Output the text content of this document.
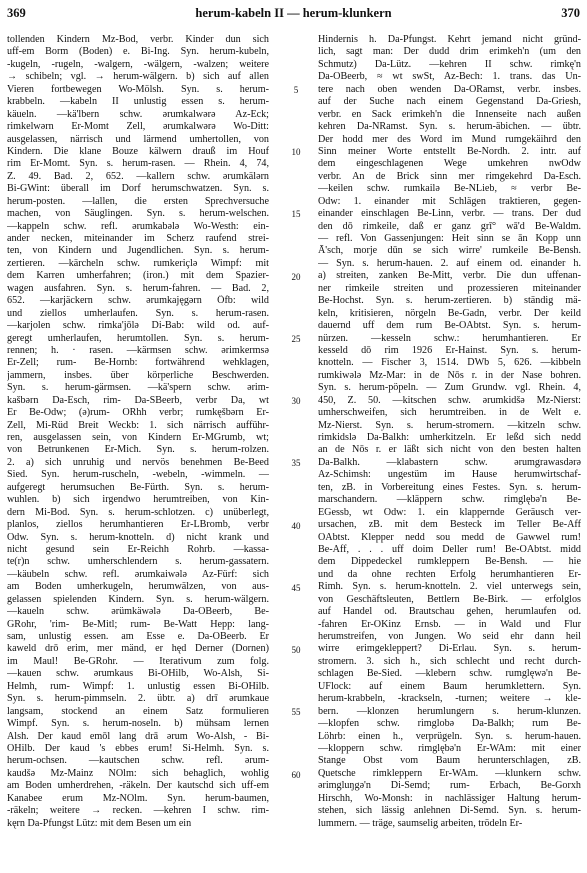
369	herum-kabeln II — herum-klunkern	370
tollenden Kindern Mz-Bod, verbr. Kinder dun sich
uff-em Borm (Boden) e. Bi-Ing. Syn. herum-kubeln,
-kugeln, -rugeln, -walgern, -wälgern, -walzen; weitere
→ schibeln; vgl. → herum-wälgern. b) sich auf allen
Vieren fortbewegen Wo-Mölsh. Syn. s. herum-
krabbeln. —kabeln II unlustig essen s. herum-
käueln. —kä'lbern schw. ərumkalwərə Az-Eck;
rimkelwərn Er-Momt Zell, ərumkalwərə Wo-Ditt:
ausgelassen, närrisch und lärmend umhertollen, von
Kindern. Die klane Bouze kälwern drauß im Houf
rim Er-Momt. Syn. s. herum-rasen. — Rhein. 4, 74,
Z. 49. Bad. 2, 652. —kallern schw. ərumkälərn
Bi-GWint: überall im Dorf herumschwatzen. Syn. s.
herum-posten. —lallen, die ersten Sprechversuche
machen, von Säuglingen. Syn. s. herum-welschen.
—kappeln schw. refl. ərumkabələ Wo-Westh: ein-
ander necken, miteinander im Scherz raufend strei-
ten, von Kindern und Jugendlichen. Syn. s. herum-
zertieren. —kärcheln schw. rumkeriçlə Wimpf: mit
dem Karren umherfahren; (iron.) mit dem Spazier-
wagen ausfahren. Syn. s. herum-fahren. — Bad. 2,
652. —karjäckern schw. ərumkajęgərn Öfb: wild
und ziellos umherlaufen. Syn. s. herum-rasen.
—karjolen schw. rimka'jōlə Di-Bab: wild od. auf-
geregt umherlaufen, herumtollen. Syn. s. herum-
rennen; h. · rasen. —kärmsen schw. ərimkermsə
Er-Zell; rum- Be-Hornb: fortwährend wehklagen,
jammern, insbes. über körperliche Beschwerden.
Syn. s. herum-gärmsen. —kä'spern schw. ərim-
kašbərn Da-Esch, rim- Da-SBeerb, verbr Da, wt
Er Be-Odw; (ə)rum- ORhh verbr; rumkęšbərn Er-
Zell, Mi-Rüd Breit Weckb: 1. sich närrisch aufführ-
ren, ausgelassen sein, von Kindern Er-MGrumb, wt;
von Betrunkenen Er-Mich. Syn. s. herum-rolzen.
2. a) sich unruhig und nervös benehmen Be-Beed
Sied. Syn. herum-ruscheln, -webeln, -wimmeln. —
aufgeregt herumsuchen Be-Fürth. Syn. s. herum-
wuhlen. b) sich irgendwo herumtreiben, von Kin-
dern Mi-Bod. Syn. s. herum-schlotzen. c) unüberlegt,
planlos, ziellos herumhantieren Er-LBromb, verbr
Odw. Syn. s. herum-knotteln. d) nicht krank und
nicht gesund sein Er-Reichh Rohrb. —kassa-
te(r)n schw. umherschlendern s. herum-gassatern.
—käubeln schw. refl. ərumkaiwələ Az-Fürf: sich
am Boden umherkugeln, herumwälzen, von aus-
gelassen spielenden Kindern. Syn. s. herum-wälgern.
—kaueln schw. ərümkäwələ Da-OBeerb, Be-
GRohr, 'rim- Be-Mitl; rum- Be-Watt Hepp: lang-
sam, unlustig essen. am Esse e. Da-OBeerb. Er
kaweld drō erim, mer mänd, er hęd Derner (Dornen)
im Maul! Be-GRohr. — Iterativum zum folg.
—kauen schw. ərumkaus Bi-OHilb, Wo-Alsh, Si-
Helmh, rum- Wimpf: 1. unlustig essen Bi-OHilb.
Syn. s. herum-pimmseln. 2. übtr. a) drī ərumkaue
langsam, stockend an einem Satz formulieren
Wimpf. Syn. s. herum-noseln. b) mühsam lernen
Alsh. Der kaud emōl lang drā ərum Wo-Alsh, - Bi-
OHilb. Der kaud 's ebbes erum! Si-Helmh. Syn. s.
herum-ochsen. —kautschen schw. refl. ərum-
kaudšə Mz-Mainz NOlm: sich behaglich, wohlig
am Boden umherdrehen, -räkeln. Der kautschd sich uff-em
Kanabee erum Mz-NOlm. Syn. herum-baumen,
-räkeln; weitere → recken. —kehren I schw. rim-
kęrn Da-Pfungst Lütz: mit dem Besen um ein
5
10
15
20
25
30
35
40
45
50
55
60
Hindernis h. Da-Pfungst. Kehrt jemand nicht gründ-
lich, sagt man: Der dudd drim erimkeh'n (um den
Schmutz) Da-Lütz. —kehren II schw. rimkę'n
Da-OBeerb, ≈ wt swSt, Az-Bech: 1. trans. das Un-
tere nach oben wenden Da-ORamst, verbr. insbes.
auf der Suche nach einem Gegenstand Da-Griesh,
verbr. en Sack erimkeh'n die Innenseite nach außen
kehren Da-NRamst. Syn. s. herum-äbichen. — übtr.
Der hodd mer des Word im Mund rumgekäihrd den
Sinn meiner Worte entstellt Be-Nordh. 2. intr. auf
dem eingeschlagenen Wege umkehren nwOdw
verbr. An de Brick sinn mer rimgekehrd Da-Esch.
—keilen schw. rumkailə Be-NLieb, ≈ verbr Be-
Odw: 1. einander mit Schlägen traktieren, gegen-
einander einschlagen Be-Linn, verbr. — trans. Der dud
den dō rimkeile, daß er ganz grī° wā'd Be-Waldm.
— refl. Von Gassenjungen: Heit sinn se ān Kopp unn
Ā'sch, morje dūn se sich wirre' rumkeile Be-Bensh.
— Syn. s. herum-hauen. 2. auf einem od. einander h.
a) streiten, zanken Be-Mitt, verbr. Die dun uffenan-
ner rimkeile streiten und prozessieren miteinander
Be-Hochst. Syn. s. herum-zertieren. b) ständig mä-
keln, kritisieren, nörgeln Be-Gadn, verbr. Der keild
dauernd uff dem rum Be-OAbtst. Syn. s. herum-
nürzen. —kesseln schw.: herumhantieren. Er
kesseld dō rim 1926 Er-Hainst. Syn. s. herum-
knotteln. — Fischer 3, 1514. DWb 5, 626. —kibbeln
rumkiwələ Mz-Mar: in de Nōs r. in der Nase bohren.
Syn. s. herum-pöpeln. — Zum Grundw. vgl. Rhein. 4,
450, Z. 50. —kitschen schw. ərumkidšə Mz-Nierst:
umherschweifen, sich herumtreiben. in de Welt e.
Mz-Nierst. Syn. s. herum-stromern. —kitzeln schw.
rimkidslə Da-Balkh: umherkitzeln. Er leßd sich nedd
an de Nōs r. er läßt sich nicht von den besten halten
Da-Balkh. —klabastern schw. ərumgrawasdərə
Az-Schimsh: ungestüm im Hause herumwirtschaf-
ten, zB. in Vorbereitung eines Festes. Syn. s. herum-
marschandern. —kläppern schw. rimglębə'n Be-
EGessb, wt Odw: 1. ein klappernde Geräusch ver-
ursachen, zB. mit dem Besteck im Teller Be-Aff
OAbtst. Klepper nedd sou medd de Gawwel rum!
Be-Aff, . . . uff doim Deller rum! Be-OAbtst. midd
dem Dippedeckel rumkleppern Be-Bensh. — hie
und da ohne rechten Erfolg herumhantieren Er-
Rimh. Syn. s. herum-knotteln. 2. viel unterwegs sein,
von Geschäftsleuten, Bettlern Be-Birk. — erfolglos
auf Handel od. Brautschau gehen, herumlaufen od.
-fahren Er-OKinz Ernsb. — in Wald und Flur
herumstreifen, von Jungen. Wo seid ehr dann heil
wirre erimgekleppert? Di-Erlau. Syn. s. herum-
stromern. 3. sich h., sich schlecht und recht durch-
schlagen Be-Sied. —klebern schw. rumglęwə'n Be-
UFlock: auf einem Baum herumklettern. Syn.
herum-krabbeln, -krackseln, -turnen; weitere → kle-
bern. —klonzen herumlungern s. herum-klunzen.
—klopfen schw. rimglobə Da-Balkh; rum Be-
Löhrb: einen h., verprügeln. Syn. s. herum-hauen.
—kloppern schw. rimglębə'n Er-WAm: mit einer
Stange Obst vom Baum herunterschlagen, zB.
Quetsche rimkleppern Er-WAm. —klunkern schw.
ərimgluŋgə'n Di-Semd; rum- Erbach, Be-Gorxh
Hirschh, Wo-Monsh: in nachlässiger Haltung herum-
stehen, sich lässig anlehnen Di-Semd. Syn. s. herum-
lummern. — träge, saumselig arbeiten, trödeln Er-
